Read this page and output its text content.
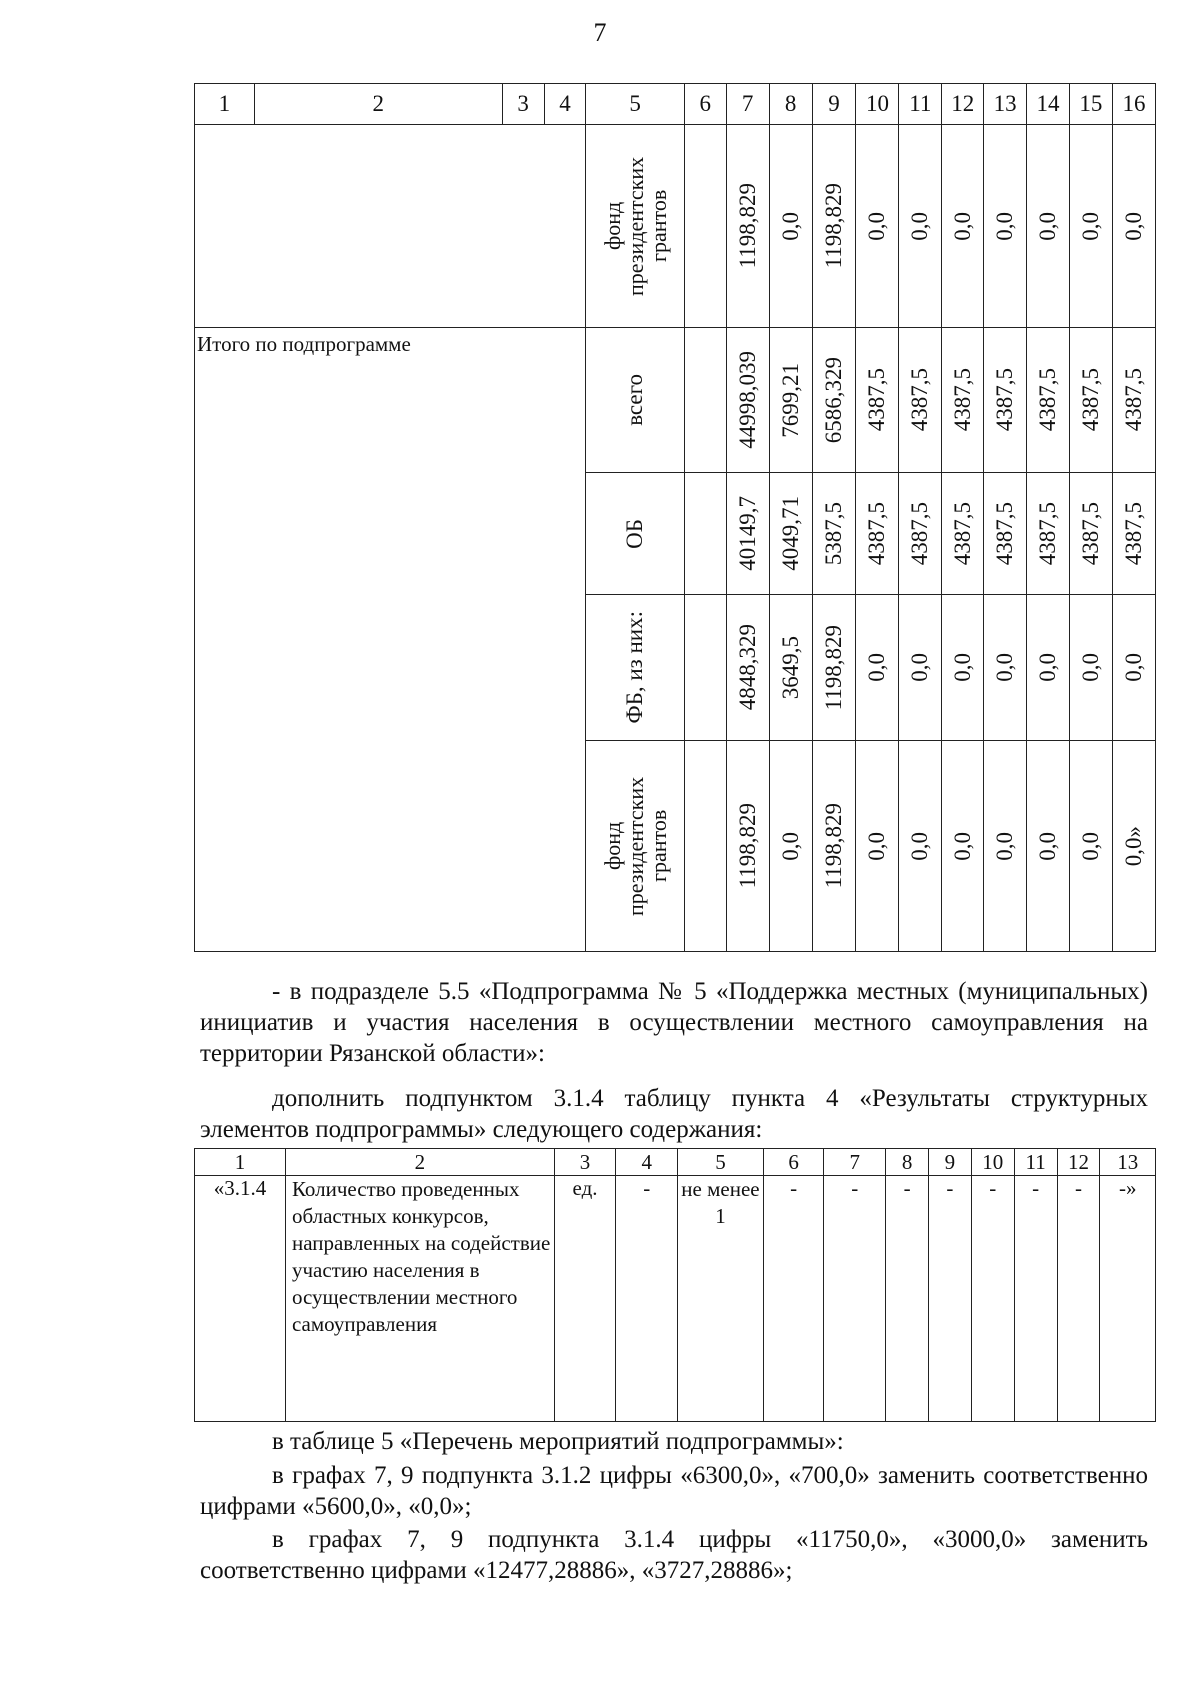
7
1	2	3	4	5	6	7	8	9	10	11	12	13	14	15	16

				фонд президентских грантов		1198,829	0,0	1198,829	0,0	0,0	0,0	0,0	0,0	0,0	0,0

Итого по подпрограмме				всего		44998,039	7699,21	6586,329	4387,5	4387,5	4387,5	4387,5	4387,5	4387,5	4387,5

				ОБ		40149,7	4049,71	5387,5	4387,5	4387,5	4387,5	4387,5	4387,5	4387,5	4387,5

				ФБ, из них:		4848,329	3649,5	1198,829	0,0	0,0	0,0	0,0	0,0	0,0	0,0

				фонд президентских грантов		1198,829	0,0	1198,829	0,0	0,0	0,0	0,0	0,0	0,0	0,0»
- в подразделе 5.5 «Подпрограмма № 5 «Поддержка местных (муниципальных) инициатив и участия населения в осуществлении местного самоуправления на территории Рязанской области»:
дополнить подпунктом 3.1.4 таблицу пункта 4 «Результаты структурных элементов подпрограммы» следующего содержания:
1	2	3	4	5	6	7	8	9	10	11	12	13
«3.1.4	Количество проведенных областных конкурсов, направленных на содействие участию населения в осуществлении местного самоуправления	ед.	-	не менее 1	-	-	-	-	-	-	-	-»
в таблице 5 «Перечень мероприятий подпрограммы»:
в графах 7, 9 подпункта 3.1.2 цифры «6300,0», «700,0» заменить соответственно цифрами «5600,0», «0,0»;
в графах 7, 9 подпункта 3.1.4 цифры «11750,0», «3000,0» заменить соответственно цифрами «12477,28886», «3727,28886»;
